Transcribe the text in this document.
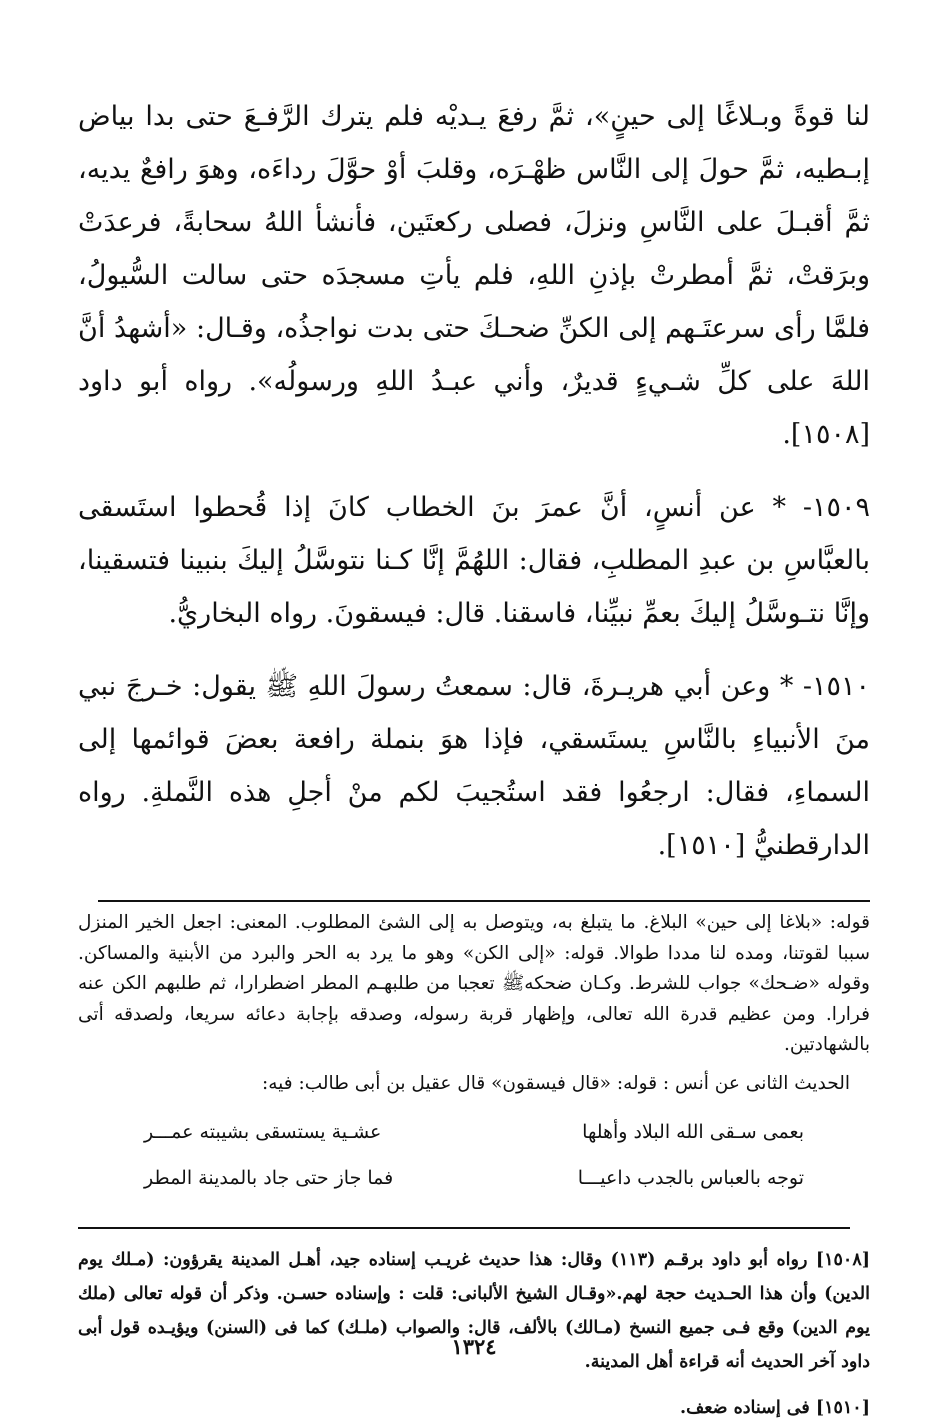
لنا قوةً وبـلاغًا إلى حينٍ»، ثمَّ رفعَ يـديْه فلم يترك الرَّفـعَ حتى بدا بياض إبـطيه، ثمَّ حولَ إلى النَّاس ظهْـرَه، وقلبَ أوْ حوَّلَ رداءَه، وهوَ رافعٌ يديه، ثمَّ أقبـلَ على النَّاسِ ونزلَ، فصلى ركعتَين، فأنشأ اللهُ سحابةً، فرعدَتْ وبرَقتْ، ثمَّ أمطرتْ بإذنِ اللهِ، فلم يأتِ مسجدَه حتى سالت السُّيولُ، فلمَّا رأى سرعتَـهم إلى الكنِّ ضحـكَ حتى بدت نواجذُه، وقـال: «أشهدُ أنَّ اللهَ على كلِّ شـيءٍ قديرٌ، وأني عبـدُ اللهِ ورسولُه». رواه أبو داود [١٥٠٨].

١٥٠٩- * عن أنسٍ، أنَّ عمرَ بنَ الخطاب كانَ إذا قُحطوا استَسقى بالعبَّاسِ بن عبدِ المطلبِ، فقال: اللهُمَّ إنَّا كـنا نتوسَّلُ إليكَ بنبينا فتسقينا، وإنَّا نتـوسَّلُ إليكَ بعمِّ نبيِّنا، فاسقنا. قال: فيسقونَ. رواه البخاريُّ.

١٥١٠- * وعن أبي هريـرةَ، قال: سمعتُ رسولَ اللهِ ﷺ يقول: خـرجَ نبي منَ الأنبياءِ بالنَّاسِ يستَسقي، فإذا هوَ بنملة رافعة بعضَ قوائمها إلى السماءِ، فقال: ارجعُوا فقد استُجيبَ لكم منْ أجلِ هذه النَّملةِ. رواه الدارقطنيُّ [١٥١٠].

قوله: «بلاغا إلى حين» البلاغ. ما يتبلغ به، ويتوصل به إلى الشئ المطلوب. المعنى: اجعل الخير المنزل سببا لقوتنا، ومده لنا مددا طوالا. قوله: «إلى الكن» وهو ما يرد به الحر والبرد من الأبنية والمساكن. وقوله «ضـحك» جواب للشرط. وكـان ضحكهﷺ تعجبا من طلبهـم المطر اضطرارا، ثم طلبهم الكن عنه فرارا. ومن عظيم قدرة الله تعالى، وإظهار قربة رسوله، وصدقه بإجابة دعائه سريعا، ولصدقه أتى بالشهادتين.

الحديث الثانى عن أنس : قوله: «قال فيسقون» قال عقيل بن أبى طالب: فيه:
بعمى سـقى الله البلاد وأهلها
عشـية يستسقى بشيبته عمـــر
توجه بالعباس بالجدب داعيـــا
فما جاز حتى جاد بالمدينة المطر

[١٥٠٨] رواه أبو داود برقـم (١١٣) وقال: هذا حديث غريـب إسناده جيد، أهـل المدينة يقرؤون: (مـلك يوم الدين) وأن هذا الحـديث حجة لهم.«وقـال الشيخ الألبانى: قلت : وإسناده حسـن. وذكر أن قوله تعالى (ملك يوم الدين) وقع فـى جميع النسخ (مـالك) بالألف، قال: والصواب (ملـك) كما فى (السنن) ويؤيـده قول أبى داود آخر الحديث أنه قراءة أهل المدينة.

[١٥١٠] فى إسناده ضعف.

١٣٢٤
